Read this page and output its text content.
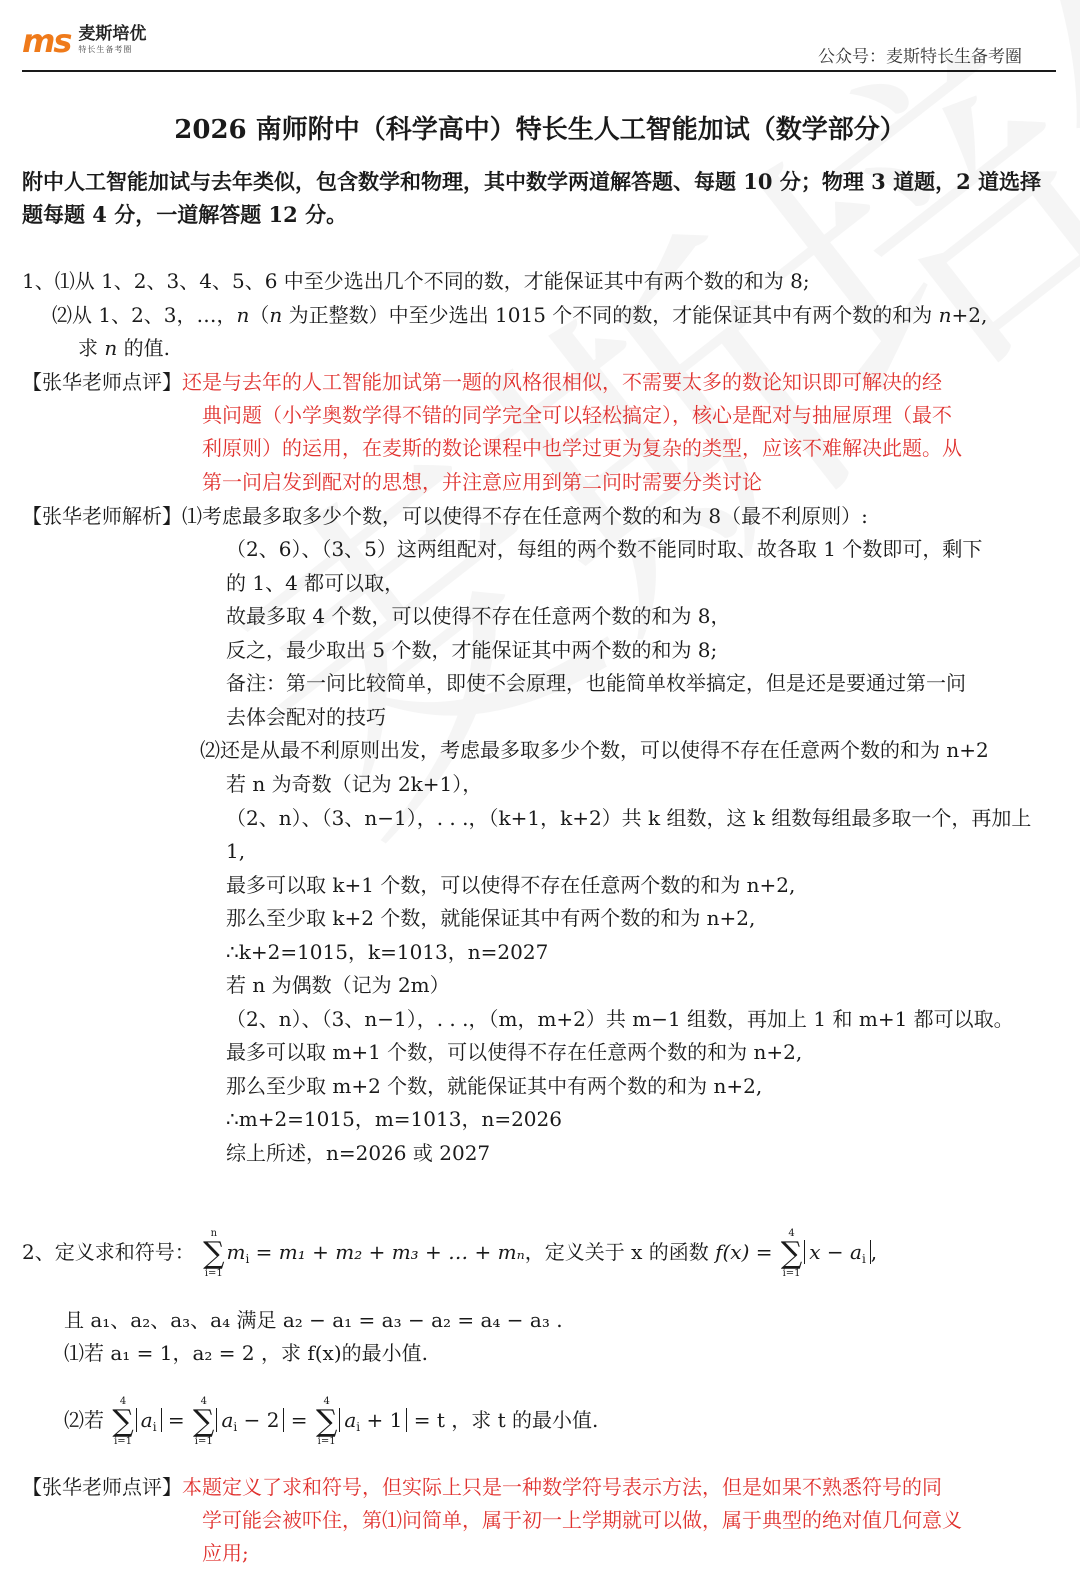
ms 麦斯培优
特长生备考圈	公众号：麦斯特长生备考圈
2026 南师附中（科学高中）特长生人工智能加试（数学部分）
附中人工智能加试与去年类似，包含数学和物理，其中数学两道解答题、每题 10 分；物理 3 道题，2 道选择题每题 4 分，一道解答题 12 分。
1、⑴从 1、2、3、4、5、6 中至少选出几个不同的数，才能保证其中有两个数的和为 8;
⑵从 1、2、3，…，n（n 为正整数）中至少选出 1015 个不同的数，才能保证其中有两个数的和为 n+2,
求 n 的值.
【张华老师点评】还是与去年的人工智能加试第一题的风格很相似，不需要太多的数论知识即可解决的经
典问题（小学奥数学得不错的同学完全可以轻松搞定），核心是配对与抽屉原理（最不
利原则）的运用，在麦斯的数论课程中也学过更为复杂的类型，应该不难解决此题。从
第一问启发到配对的思想，并注意应用到第二问时需要分类讨论
【张华老师解析】⑴考虑最多取多少个数，可以使得不存在任意两个数的和为 8（最不利原则）:
（2、6）、（3、5）这两组配对，每组的两个数不能同时取、故各取 1 个数即可，剩下
的 1、4 都可以取，
故最多取 4 个数，可以使得不存在任意两个数的和为 8，
反之，最少取出 5 个数，才能保证其中两个数的和为 8;
备注：第一问比较简单，即使不会原理，也能简单枚举搞定，但是还是要通过第一问
去体会配对的技巧
⑵还是从最不利原则出发，考虑最多取多少个数，可以使得不存在任意两个数的和为 n+2
若 n 为奇数（记为 2k+1），
（2、n）、（3、n−1），. . .，（k+1，k+2）共 k 组数，这 k 组数每组最多取一个，再加上
1,
最多可以取 k+1 个数，可以使得不存在任意两个数的和为 n+2,
那么至少取 k+2 个数，就能保证其中有两个数的和为 n+2,
∴k+2=1015，k=1013，n=2027
若 n 为偶数（记为 2m）
（2、n）、（3、n−1），. . .，（m，m+2）共 m−1 组数，再加上 1 和 m+1 都可以取。
最多可以取 m+1 个数，可以使得不存在任意两个数的和为 n+2,
那么至少取 m+2 个数，就能保证其中有两个数的和为 n+2,
∴m+2=1015，m=1013，n=2026
综上所述，n=2026 或 2027
2、定义求和符号：
n
∑
i=1
$m_i = m_1 + m_2 + m_3$ + … + mₙ，定义关于 x 的函数 f(x) =
4
∑
i=1
$x - a_i$ ,
且 a₁、a₂、a₃、a₄ 满足 a₂ − a₁ = a₃ − a₂ = a₄ − a₃ .
⑴若 a₁ = 1，a₂ = 2 ，求 f(x)的最小值.
⑵若
4
∑
i=1
$a_i$ =
4
∑
i=1
$a_i - 2$ =
4
∑
i=1
$a_i + 1 = t$ ，求 t 的最小值.
【张华老师点评】本题定义了求和符号，但实际上只是一种数学符号表示方法，但是如果不熟悉符号的同
学可能会被吓住，第⑴问简单，属于初一上学期就可以做，属于典型的绝对值几何意义
应用;
